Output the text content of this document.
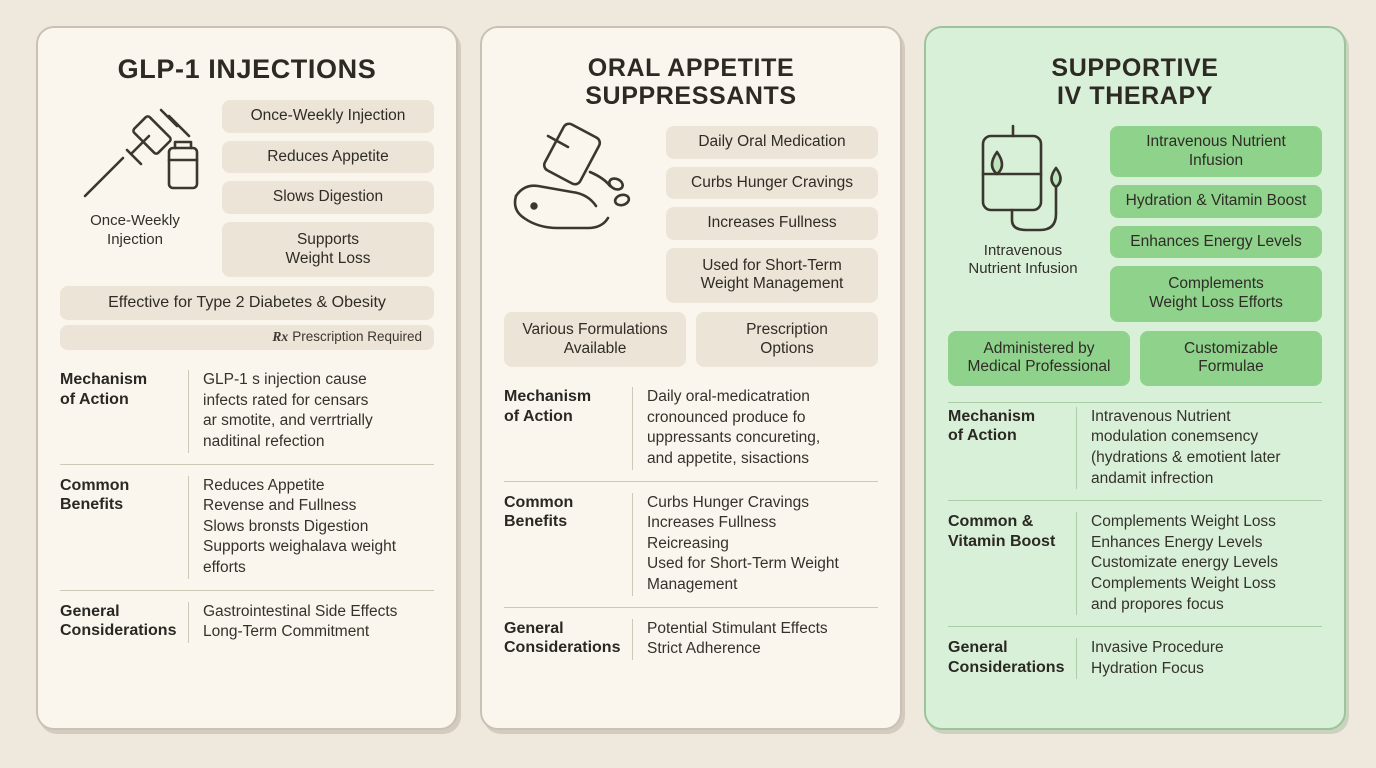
GLP-1 INJECTIONS
Once-Weekly
Injection
Once-Weekly Injection
Reduces Appetite
Slows Digestion
Supports
Weight Loss
Effective for Type 2 Diabetes & Obesity
Rx Prescription Required
Mechanism
of Action
GLP-1 s injection cause
infects rated for censars
ar smotite, and verrtrially
naditinal refection
Common
Benefits
Reduces Appetite
Revense and Fullness
Slows bronsts Digestion
Supports weighalava weight
efforts
General
Considerations
Gastrointestinal Side Effects
Long-Term Commitment
ORAL APPETITE
SUPPRESSANTS
Daily Oral Medication
Curbs Hunger Cravings
Increases Fullness
Used for Short-Term
Weight Management
Various Formulations
Available
Prescription
Options
Mechanism
of Action
Daily oral-medicatration
cronounced produce fo
uppressants concureting,
and appetite, sisactions
Common
Benefits
Curbs Hunger Cravings
Increases Fullness
Reicreasing
Used for Short-Term Weight
Management
General
Considerations
Potential Stimulant Effects
Strict Adherence
SUPPORTIVE
IV THERAPY
Intravenous
Nutrient Infusion
Intravenous Nutrient Infusion
Hydration & Vitamin Boost
Enhances Energy Levels
Complements
Weight Loss Efforts
Administered by
Medical Professional
Customizable
Formulae
Mechanism
of Action
Intravenous Nutrient
modulation conemsency
(hydrations & emotient later
andamit infrection
Common &
Vitamin Boost
Complements Weight Loss
Enhances Energy Levels
Customizate energy Levels
Complements Weight Loss
and propores focus
General
Considerations
Invasive Procedure
Hydration Focus
